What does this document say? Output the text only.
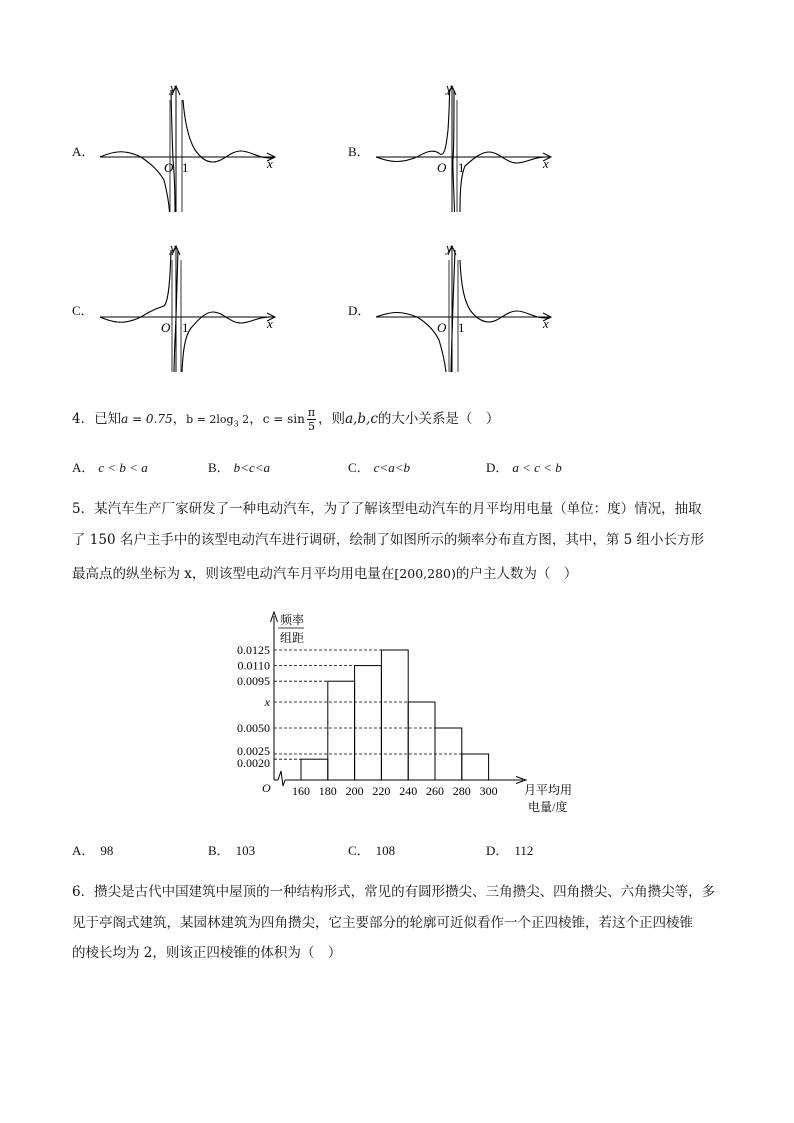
A．
x
y
O 1
B．
x
y
O 1
C．
x
y
O 1
D．
x
y
O 1
4．已知a = 0.75，$b = 2\log_3$ 2，$c = \sin \frac{\pi}{5}$ ，则a,b,c的大小关系是（　）
A． c < b < a	B． b<c<a	C． c<a<b	D． a < c < b
5．某汽车生产厂家研发了一种电动汽车，为了了解该型电动汽车的月平均用电量（单位：度）情况，抽取
了 150 名户主手中的该型电动汽车进行调研，绘制了如图所示的频率分布直方图，其中，第 5 组小长方形
最高点的纵坐标为 x，则该型电动汽车月平均用电量在[200,280)的户主人数为（　）
频率
组距
O	月平均用
电量/度
0.0020
0.0025
0.0050
x
0.0095
0.0110
0.0125
160 180 200 220 240 260 280 300
A． 98	B． 103	C． 108	D． 112
6．攒尖是古代中国建筑中屋顶的一种结构形式，常见的有圆形攒尖、三角攒尖、四角攒尖、六角攒尖等，多
见于亭阁式建筑，某园林建筑为四角攒尖，它主要部分的轮廓可近似看作一个正四棱锥，若这个正四棱锥
的棱长均为 2，则该正四棱锥的体积为（　）
